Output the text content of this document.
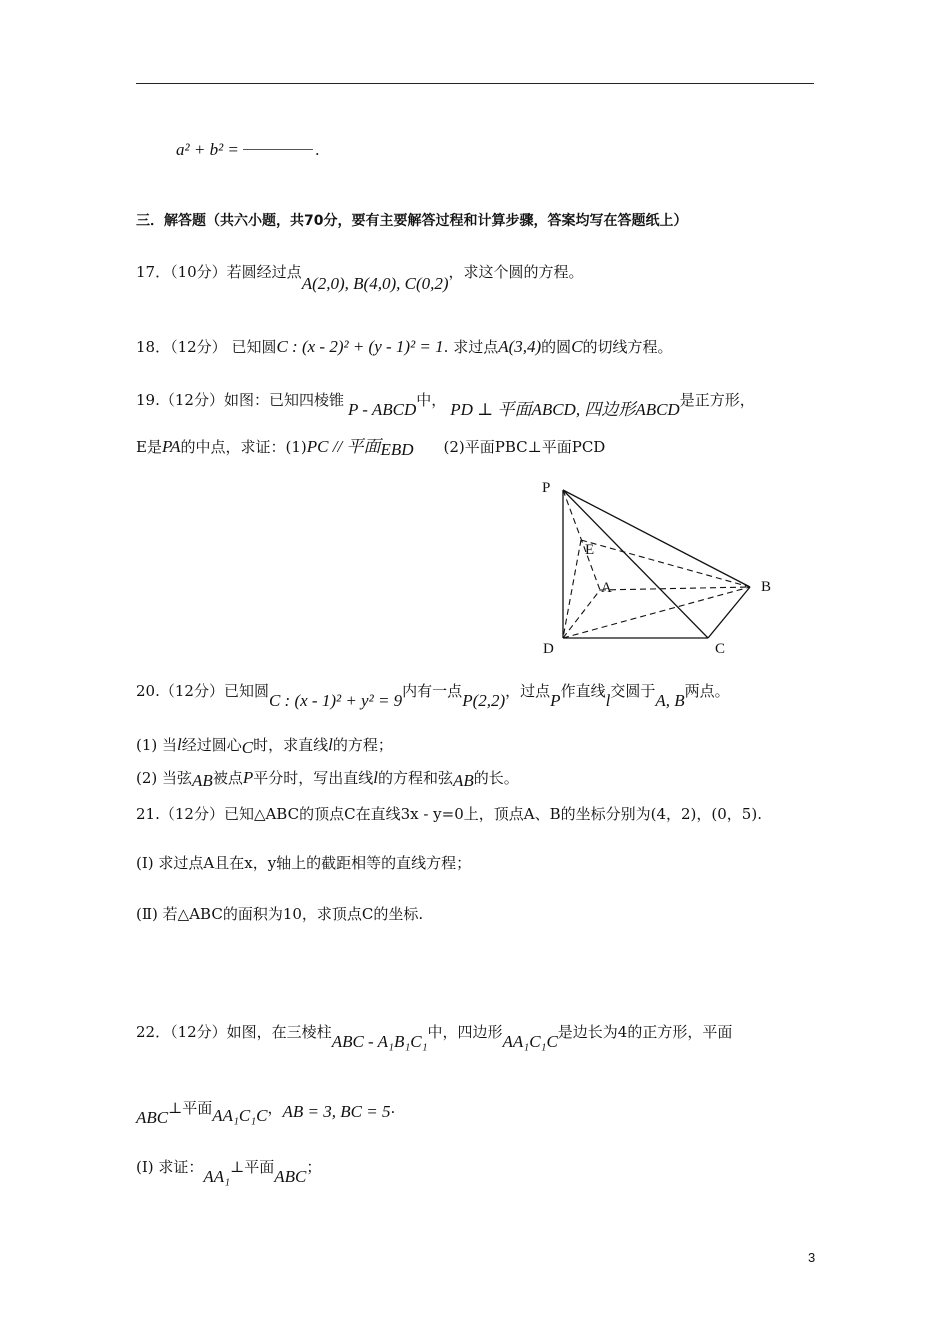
a² + b² =	.
三．解答题（共六小题，共70分，要有主要解答过程和计算步骤，答案均写在答题纸上）
17．（10分）若圆经过点A(2,0), B(4,0), C(0,2)，求这个圆的方程。
18．（12分） 已知圆C : (x - 2)² + (y - 1)² = 1. 求过点A(3,4)的圆C的切线方程。
19.（12分）如图：已知四棱锥 P - ABCD中， PD ⊥ 平面ABCD, 四边形ABCD是正方形，
E是PA的中点，求证：(1)PC // 平面EBD (2)平面PBC⊥平面PCD
P
E
A	B
D	C
20.（12分）已知圆C : (x - 1)² + y² = 9内有一点P(2,2)，过点P作直线l交圆于A, B两点。
(1) 当l经过圆心C时，求直线l的方程；
(2) 当弦AB被点P平分时，写出直线l的方程和弦AB的长。
21.（12分）已知△ABC的顶点C在直线3x - y=0上，顶点A、B的坐标分别为(4，2)，(0，5).
(Ⅰ) 求过点A且在x，y轴上的截距相等的直线方程；
(Ⅱ) 若△ABC的面积为10，求顶点C的坐标.
22．（12分）如图，在三棱柱ABC - A₁B₁C₁中，四边形AA₁C₁C是边长为4的正方形，平面
ABC⊥平面AA₁C₁C，AB = 3, BC = 5.
(Ⅰ) 求证：AA₁⊥平面ABC；
3
